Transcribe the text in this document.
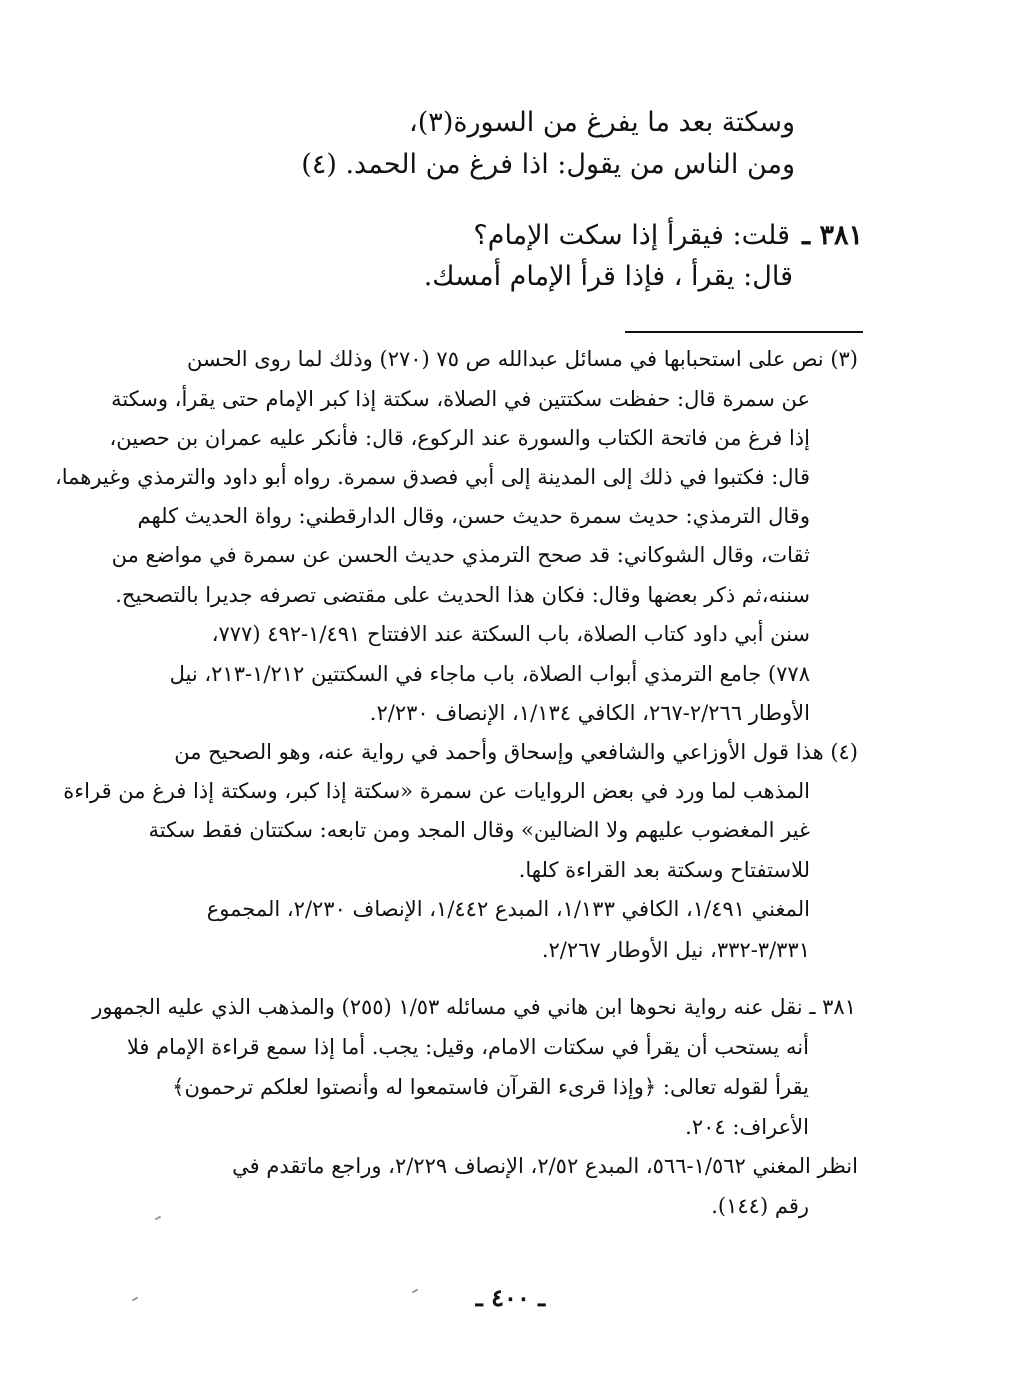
وسكتة بعد ما يفرغ من السورة(٣)،
ومن الناس من يقول: اذا فرغ من الحمد. (٤)
٣٨١ ـ
قلت: فيقرأ إذا سكت الإمام؟
قال: يقرأ ، فإذا قرأ الإمام أمسك.
(٣) نص على استحبابها في مسائل عبدالله ص ٧٥ (٢٧٠) وذلك لما روى الحسن
عن سمرة قال: حفظت سكتتين في الصلاة، سكتة إذا كبر الإمام حتى يقرأ، وسكتة
إذا فرغ من فاتحة الكتاب والسورة عند الركوع، قال: فأنكر عليه عمران بن حصين،
قال: فكتبوا في ذلك إلى المدينة إلى أبي فصدق سمرة. رواه أبو داود والترمذي وغيرهما،
وقال الترمذي: حديث سمرة حديث حسن، وقال الدارقطني: رواة الحديث كلهم
ثقات، وقال الشوكاني: قد صحح الترمذي حديث الحسن عن سمرة في مواضع من
سننه،ثم ذكر بعضها وقال: فكان هذا الحديث على مقتضى تصرفه جديرا بالتصحيح.
سنن أبي داود كتاب الصلاة، باب السكتة عند الافتتاح ١/٤٩١-٤٩٢ (٧٧٧،
٧٧٨) جامع الترمذي أبواب الصلاة، باب ماجاء في السكتتين ١/٢١٢-٢١٣، نيل
الأوطار ٢/٢٦٦-٢٦٧، الكافي ١/١٣٤، الإنصاف ٢/٢٣٠.
(٤) هذا قول الأوزاعي والشافعي وإسحاق وأحمد في رواية عنه، وهو الصحيح من
المذهب لما ورد في بعض الروايات عن سمرة «سكتة إذا كبر، وسكتة إذا فرغ من قراءة
غير المغضوب عليهم ولا الضالين» وقال المجد ومن تابعه: سكتتان فقط سكتة
للاستفتاح وسكتة بعد القراءة كلها.
المغني ١/٤٩١، الكافي ١/١٣٣، المبدع ١/٤٤٢، الإنصاف ٢/٢٣٠، المجموع
٣/٣٣١-٣٣٢، نيل الأوطار ٢/٢٦٧.
٣٨١ ـ نقل عنه رواية نحوها ابن هاني في مسائله ١/٥٣ (٢٥٥) والمذهب الذي عليه الجمهور
أنه يستحب أن يقرأ في سكتات الامام، وقيل: يجب. أما إذا سمع قراءة الإمام فلا
يقرأ لقوله تعالى: ﴿وإذا قرىء القرآن فاستمعوا له وأنصتوا لعلكم ترحمون﴾
الأعراف: ٢٠٤.
انظر المغني ١/٥٦٢-٥٦٦، المبدع ٢/٥٢، الإنصاف ٢/٢٢٩، وراجع ماتقدم في
رقم (١٤٤).
ـ ٤٠٠ ـ
